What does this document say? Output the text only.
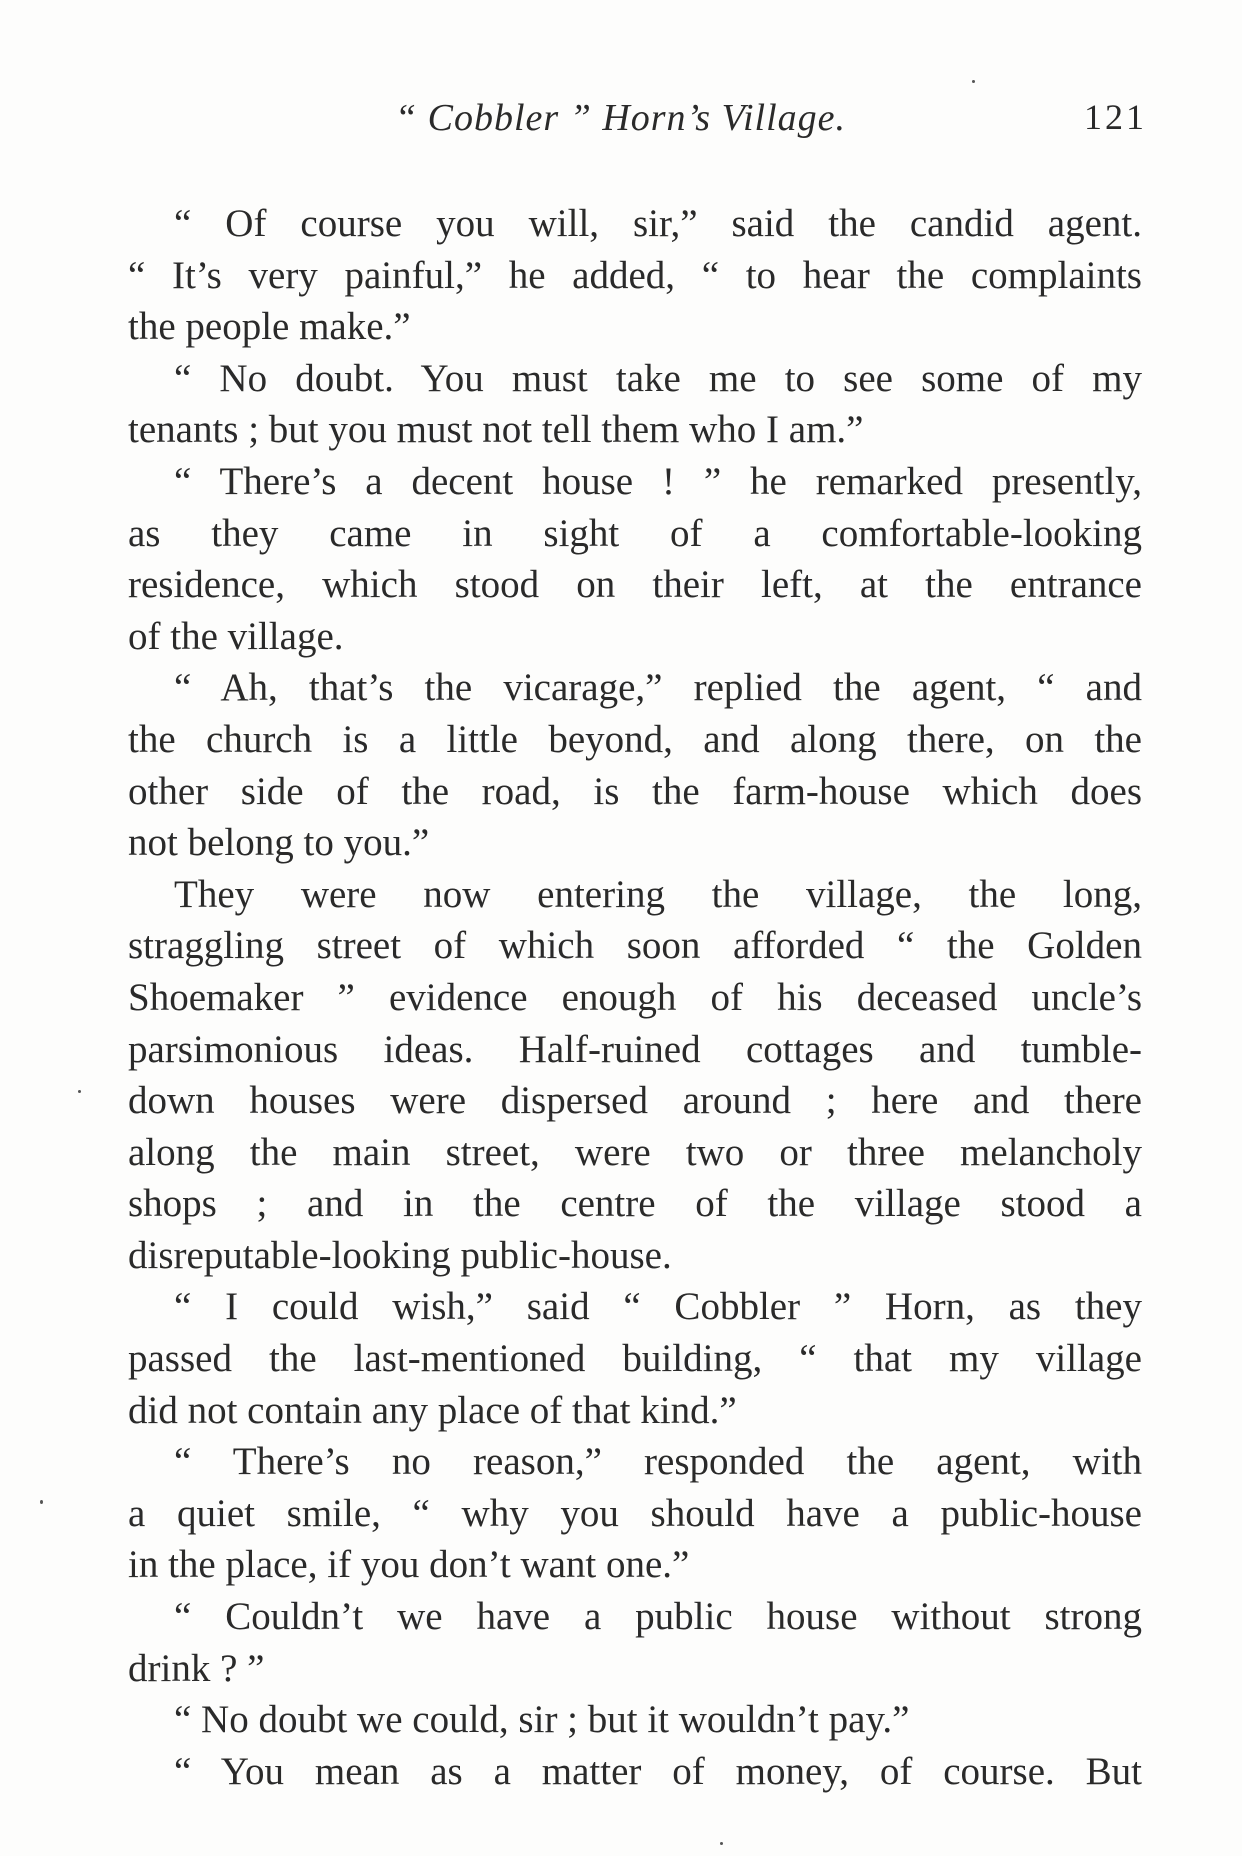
“ Cobbler ” Horn’s Village.	121
“ Of course you will, sir,” said the candid agent.
“ It’s very painful,” he added, “ to hear the complaints
the people make.”
“ No doubt. You must take me to see some of my
tenants ; but you must not tell them who I am.”
“ There’s a decent house ! ” he remarked presently,
as they came in sight of a comfortable-looking
residence, which stood on their left, at the entrance
of the village.
“ Ah, that’s the vicarage,” replied the agent, “ and
the church is a little beyond, and along there, on the
other side of the road, is the farm-house which does
not belong to you.”
They were now entering the village, the long,
straggling street of which soon afforded “ the Golden
Shoemaker ” evidence enough of his deceased uncle’s
parsimonious ideas. Half-ruined cottages and tumble-
down houses were dispersed around ; here and there
along the main street, were two or three melancholy
shops ; and in the centre of the village stood a
disreputable-looking public-house.
“ I could wish,” said “ Cobbler ” Horn, as they
passed the last-mentioned building, “ that my village
did not contain any place of that kind.”
“ There’s no reason,” responded the agent, with
a quiet smile, “ why you should have a public-house
in the place, if you don’t want one.”
“ Couldn’t we have a public house without strong
drink ? ”
“ No doubt we could, sir ; but it wouldn’t pay.”
“ You mean as a matter of money, of course. But
